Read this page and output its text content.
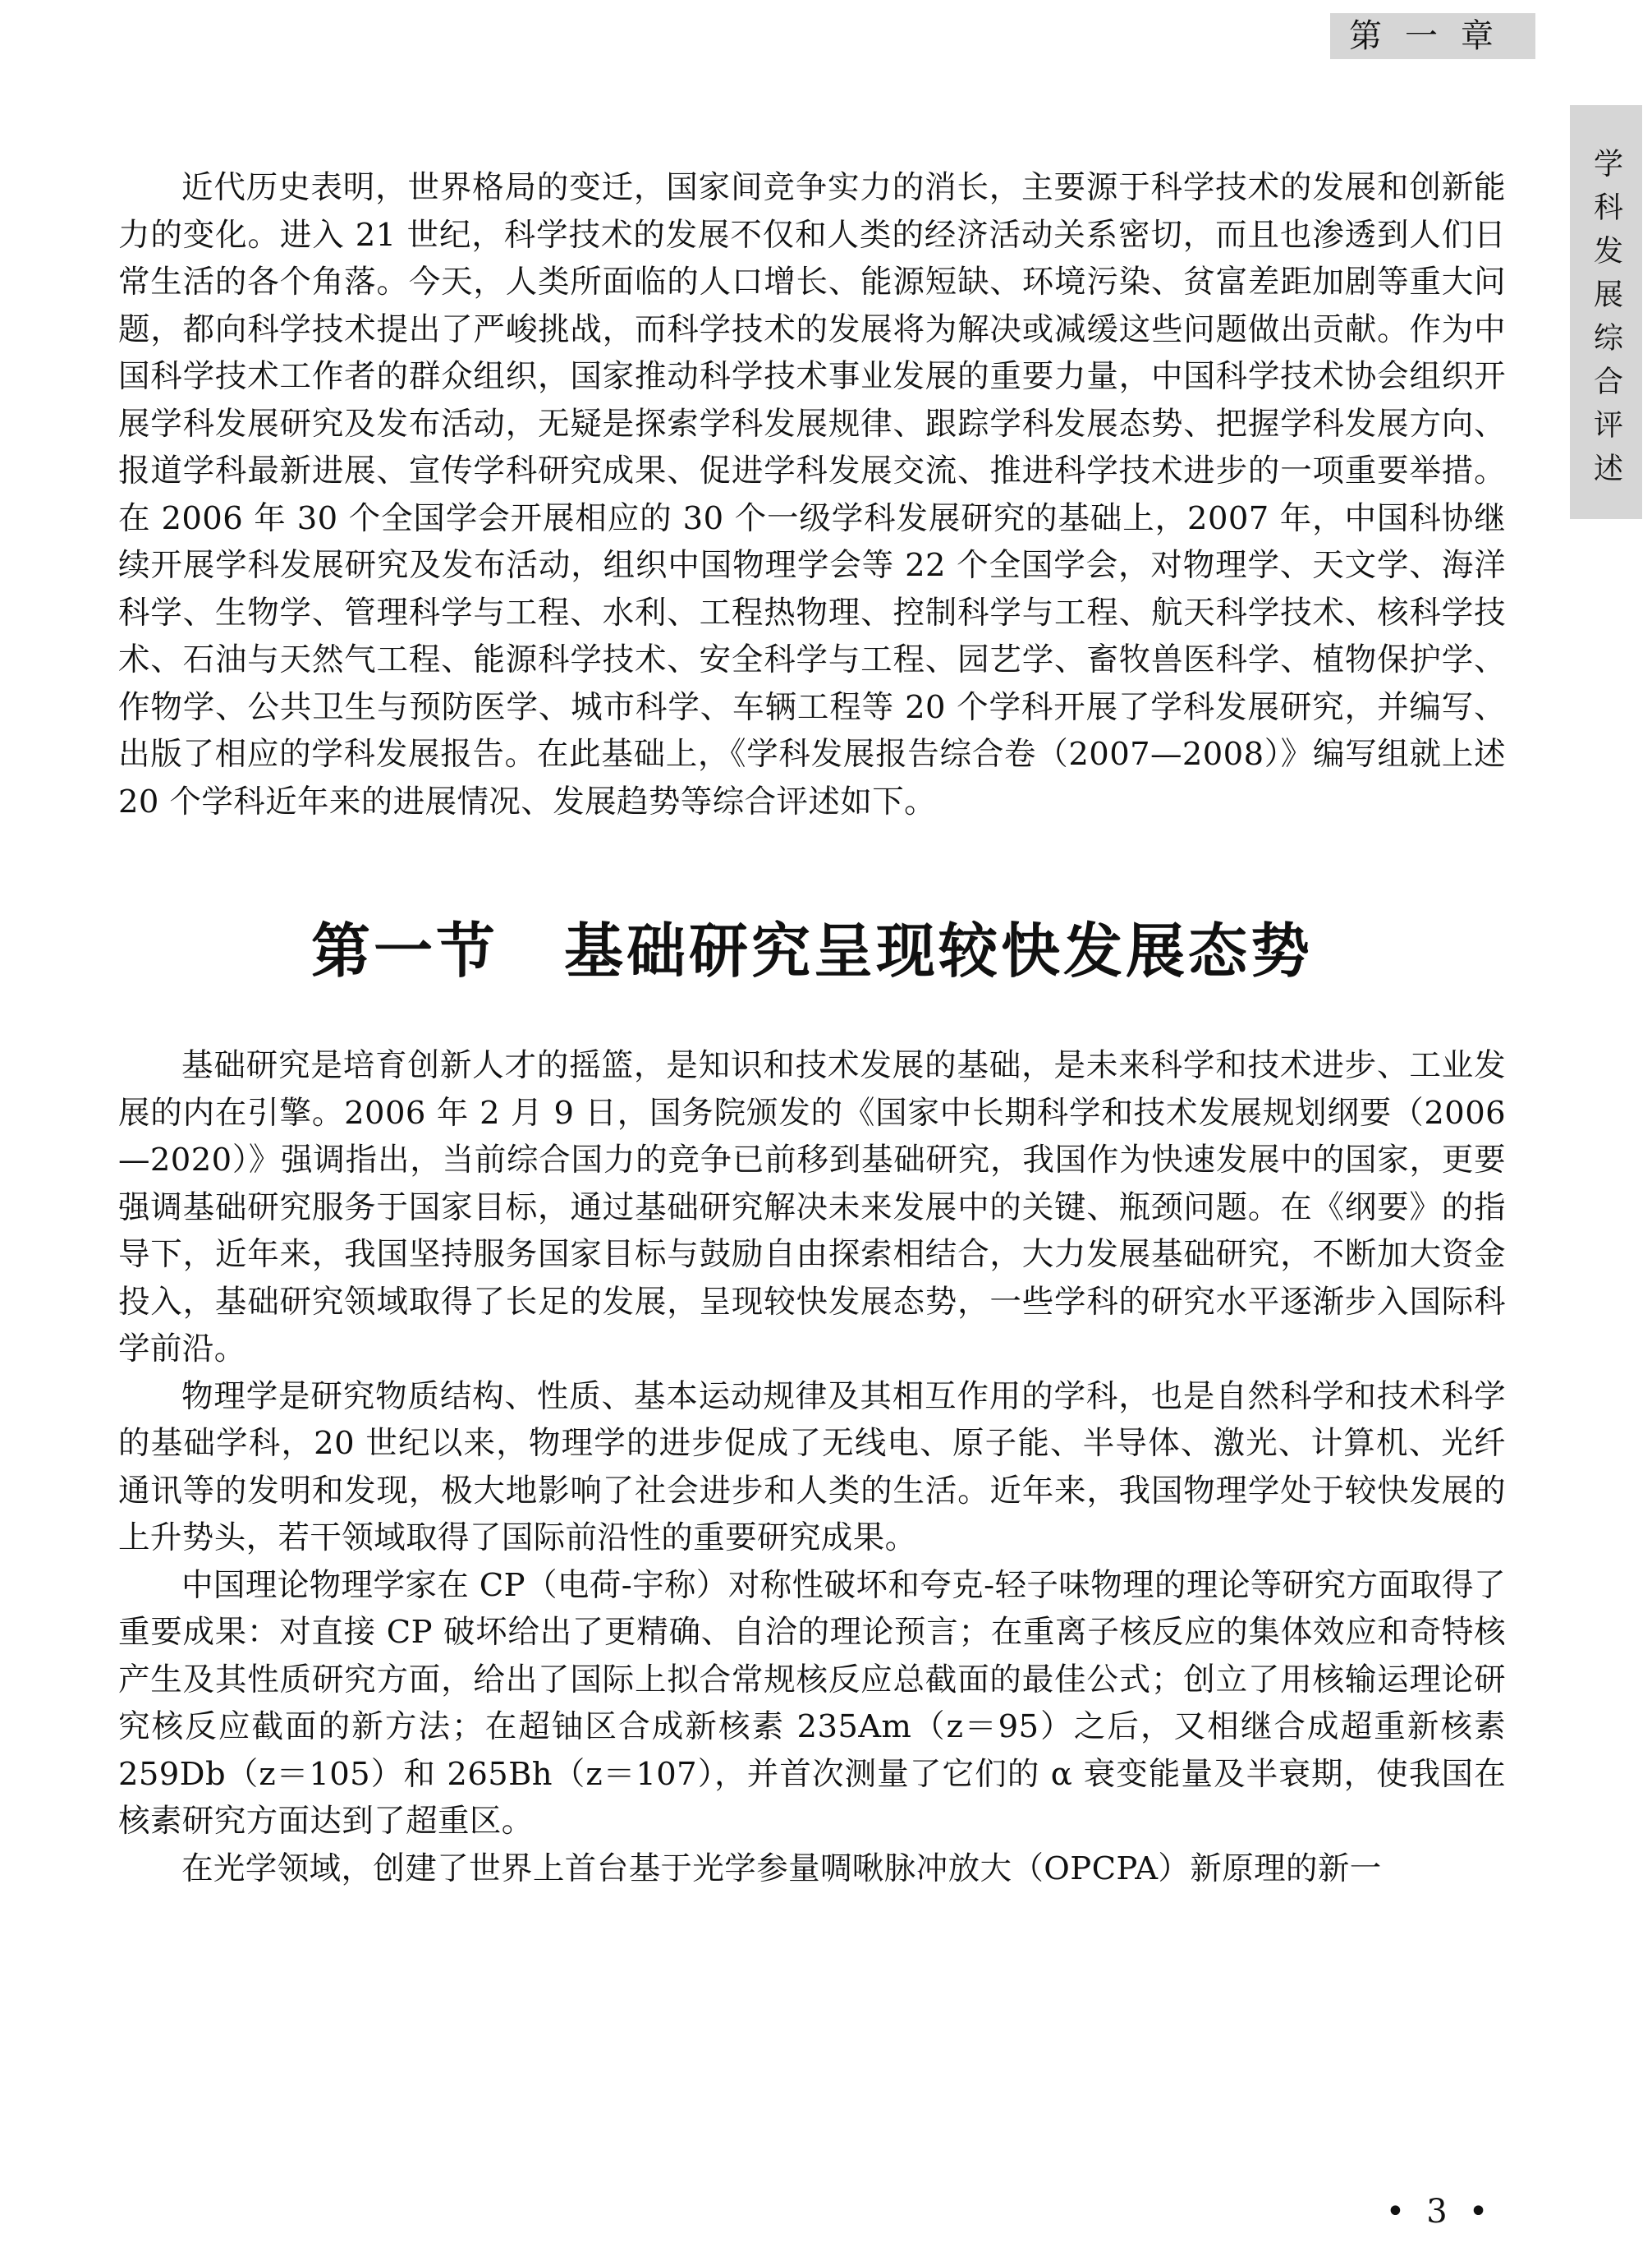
第一章
学科发展综合评述

近代历史表明，世界格局的变迁，国家间竞争实力的消长，主要源于科学技术的发展和创新能力的变化。进入 21 世纪，科学技术的发展不仅和人类的经济活动关系密切，而且也渗透到人们日常生活的各个角落。今天，人类所面临的人口增长、能源短缺、环境污染、贫富差距加剧等重大问题，都向科学技术提出了严峻挑战，而科学技术的发展将为解决或减缓这些问题做出贡献。作为中国科学技术工作者的群众组织，国家推动科学技术事业发展的重要力量，中国科学技术协会组织开展学科发展研究及发布活动，无疑是探索学科发展规律、跟踪学科发展态势、把握学科发展方向、报道学科最新进展、宣传学科研究成果、促进学科发展交流、推进科学技术进步的一项重要举措。在 2006 年 30 个全国学会开展相应的 30 个一级学科发展研究的基础上，2007 年，中国科协继续开展学科发展研究及发布活动，组织中国物理学会等 22 个全国学会，对物理学、天文学、海洋科学、生物学、管理科学与工程、水利、工程热物理、控制科学与工程、航天科学技术、核科学技术、石油与天然气工程、能源科学技术、安全科学与工程、园艺学、畜牧兽医科学、植物保护学、作物学、公共卫生与预防医学、城市科学、车辆工程等 20 个学科开展了学科发展研究，并编写、出版了相应的学科发展报告。在此基础上，《学科发展报告综合卷（2007—2008）》编写组就上述 20 个学科近年来的进展情况、发展趋势等综合评述如下。

第一节 基础研究呈现较快发展态势

基础研究是培育创新人才的摇篮，是知识和技术发展的基础，是未来科学和技术进步、工业发展的内在引擎。2006 年 2 月 9 日，国务院颁发的《国家中长期科学和技术发展规划纲要（2006—2020）》强调指出，当前综合国力的竞争已前移到基础研究，我国作为快速发展中的国家，更要强调基础研究服务于国家目标，通过基础研究解决未来发展中的关键、瓶颈问题。在《纲要》的指导下，近年来，我国坚持服务国家目标与鼓励自由探索相结合，大力发展基础研究，不断加大资金投入，基础研究领域取得了长足的发展，呈现较快发展态势，一些学科的研究水平逐渐步入国际科学前沿。

物理学是研究物质结构、性质、基本运动规律及其相互作用的学科，也是自然科学和技术科学的基础学科，20 世纪以来，物理学的进步促成了无线电、原子能、半导体、激光、计算机、光纤通讯等的发明和发现，极大地影响了社会进步和人类的生活。近年来，我国物理学处于较快发展的上升势头，若干领域取得了国际前沿性的重要研究成果。

中国理论物理学家在 CP（电荷-宇称）对称性破坏和夸克-轻子味物理的理论等研究方面取得了重要成果：对直接 CP 破坏给出了更精确、自洽的理论预言；在重离子核反应的集体效应和奇特核产生及其性质研究方面，给出了国际上拟合常规核反应总截面的最佳公式；创立了用核输运理论研究核反应截面的新方法；在超铀区合成新核素 235Am（z＝95）之后，又相继合成超重新核素 259Db（z＝105）和 265Bh（z＝107），并首次测量了它们的 α 衰变能量及半衰期，使我国在核素研究方面达到了超重区。

在光学领域，创建了世界上首台基于光学参量啁啾脉冲放大（OPCPA）新原理的新一

• 3 •
